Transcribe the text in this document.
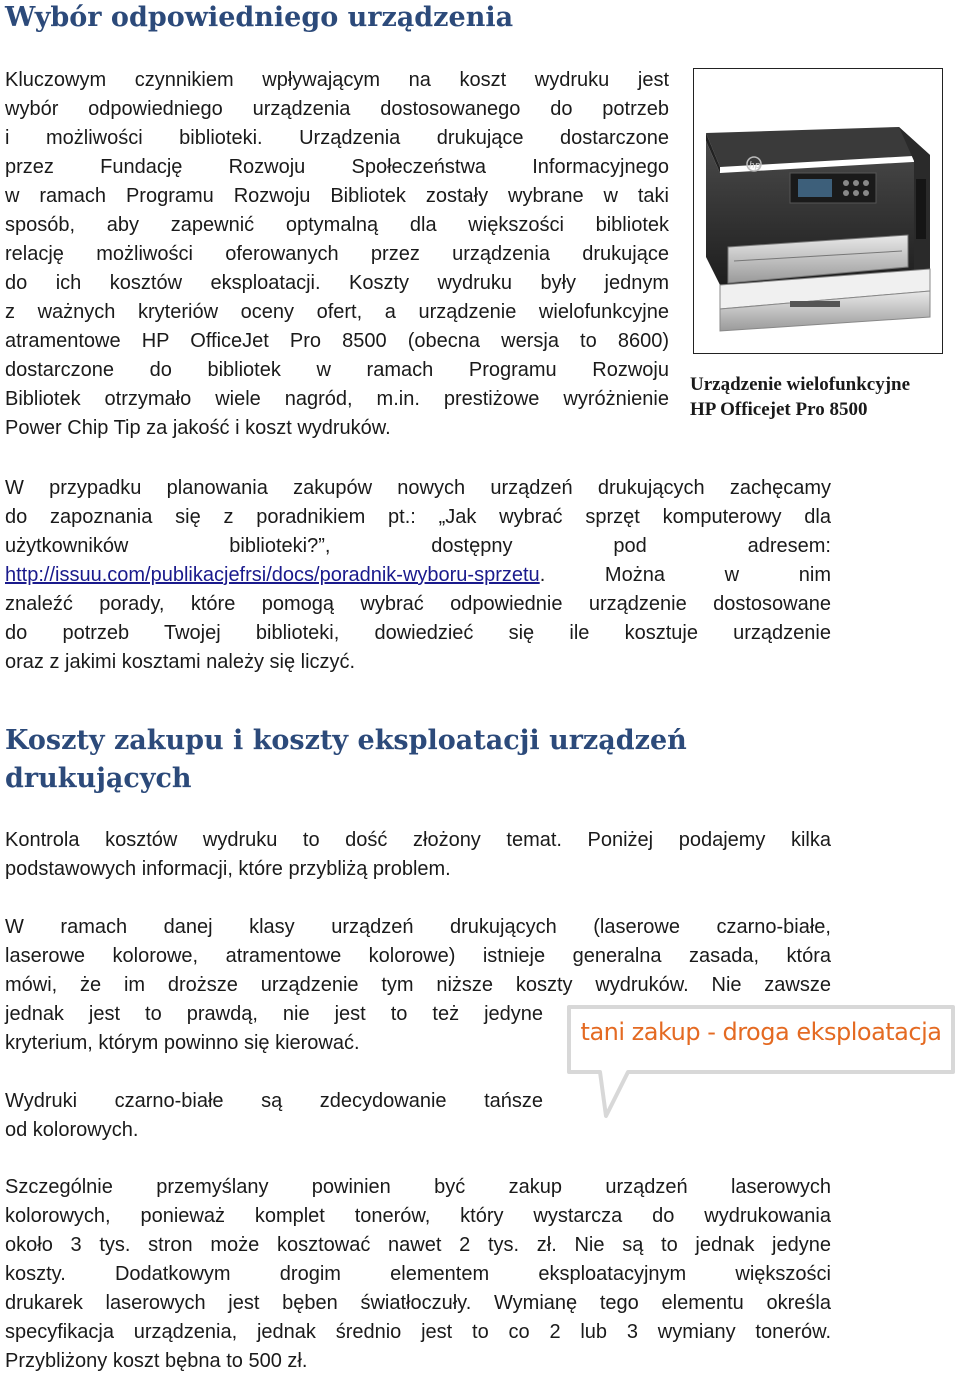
Wybór odpowiedniego urządzenia
Kluczowym czynnikiem wpływającym na koszt wydruku jest
wybór odpowiedniego urządzenia dostosowanego do potrzeb
i możliwości biblioteki. Urządzenia drukujące dostarczone
przez Fundację Rozwoju Społeczeństwa Informacyjnego
w ramach Programu Rozwoju Bibliotek zostały wybrane w taki
sposób, aby zapewnić optymalną dla większości bibliotek
relację możliwości oferowanych przez urządzenia drukujące
do ich kosztów eksploatacji. Koszty wydruku były jednym
z ważnych kryteriów oceny ofert, a urządzenie wielofunkcyjne
atramentowe HP OfficeJet Pro 8500 (obecna wersja to 8600)
dostarczone do bibliotek w ramach Programu Rozwoju
Bibliotek otrzymało wiele nagród, m.in. prestiżowe wyróżnienie
Power Chip Tip za jakość i koszt wydruków.
hp
Urządzenie wielofunkcyjne
HP Officejet Pro 8500
W przypadku planowania zakupów nowych urządzeń drukujących zachęcamy
do zapoznania się z poradnikiem pt.: „Jak wybrać sprzęt komputerowy dla
użytkowników biblioteki?”, dostępny pod adresem:
http://issuu.com/publikacjefrsi/docs/poradnik-wyboru-sprzetu. Można w nim
znaleźć porady, które pomogą wybrać odpowiednie urządzenie dostosowane
do potrzeb Twojej biblioteki, dowiedzieć się ile kosztuje urządzenie
oraz z jakimi kosztami należy się liczyć.
Koszty zakupu i koszty eksploatacji urządzeń
drukujących
Kontrola kosztów wydruku to dość złożony temat. Poniżej podajemy kilka
podstawowych informacji, które przybliżą problem.
W ramach danej klasy urządzeń drukujących (laserowe czarno-białe,
laserowe kolorowe, atramentowe kolorowe) istnieje generalna zasada, która
mówi, że im droższe urządzenie tym niższe koszty wydruków. Nie zawsze
jednak jest to prawdą, nie jest to też jedyne
kryterium, którym powinno się kierować.	tani zakup - droga eksploatacja
Wydruki czarno-białe są zdecydowanie tańsze
od kolorowych.
Szczególnie przemyślany powinien być zakup urządzeń laserowych
kolorowych, ponieważ komplet tonerów, który wystarcza do wydrukowania
około 3 tys. stron może kosztować nawet 2 tys. zł. Nie są to jednak jedyne
koszty. Dodatkowym drogim elementem eksploatacyjnym większości
drukarek laserowych jest bęben światłoczuły. Wymianę tego elementu określa
specyfikacja urządzenia, jednak średnio jest to co 2 lub 3 wymiany tonerów.
Przybliżony koszt bębna to 500 zł.
